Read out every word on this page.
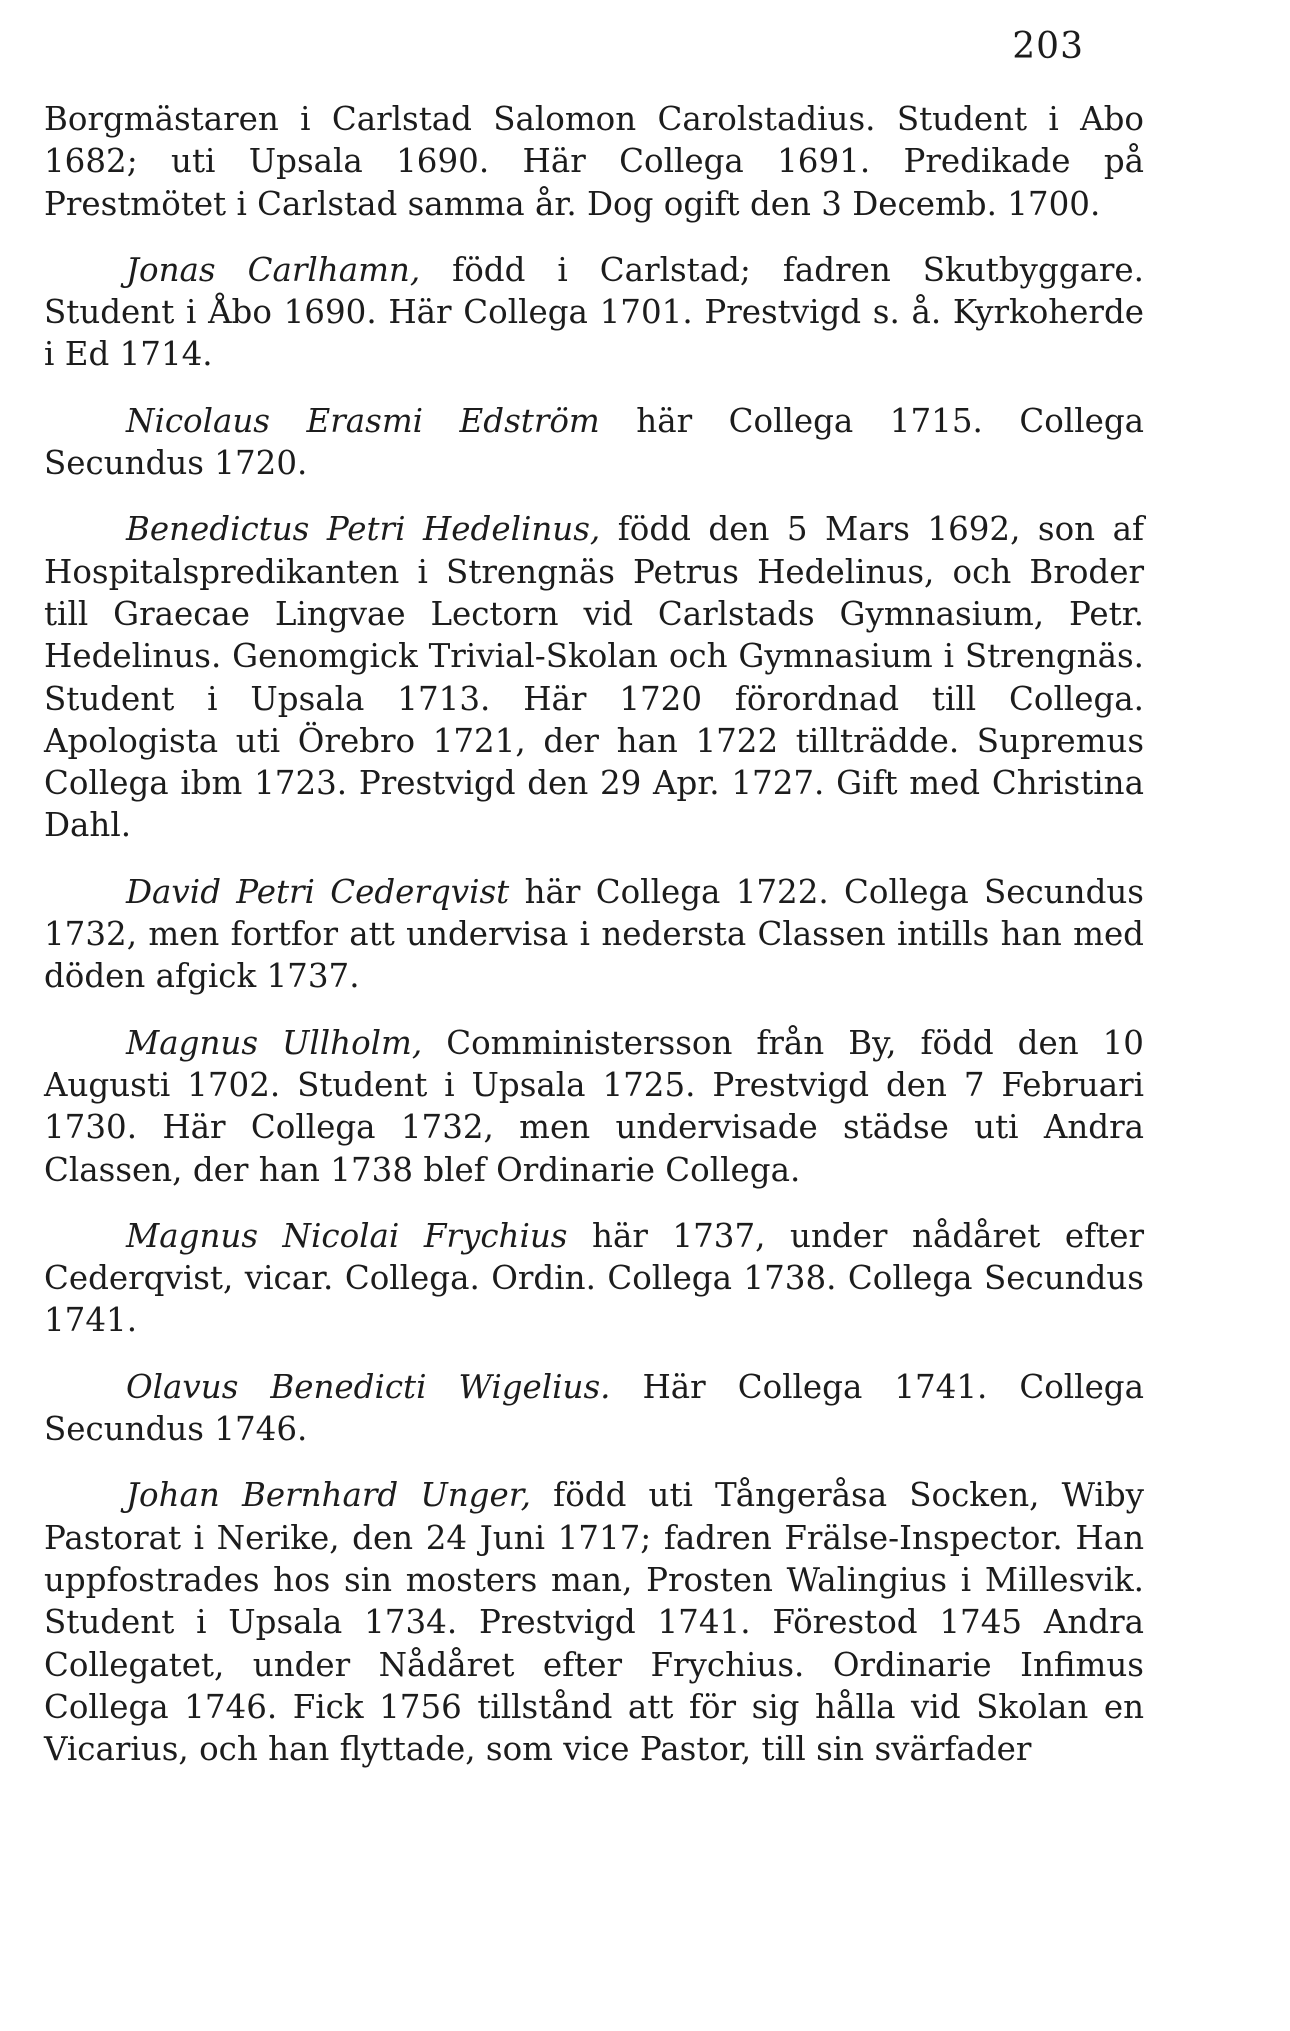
203

Borgmästaren i Carlstad Salomon Carolstadius. Student i Abo 1682; uti Upsala 1690. Här Collega 1691. Predikade på Prestmötet i Carlstad samma år. Dog ogift den 3 Decemb. 1700.

Jonas Carlhamn, född i Carlstad; fadren Skutbyggare. Student i Åbo 1690. Här Collega 1701. Prestvigd s. å. Kyrkoherde i Ed 1714.

Nicolaus Erasmi Edström här Collega 1715. Collega Secundus 1720.

Benedictus Petri Hedelinus, född den 5 Mars 1692, son af Hospitalspredikanten i Strengnäs Petrus Hedelinus, och Broder till Graecae Lingvae Lectorn vid Carlstads Gymnasium, Petr. Hedelinus. Genomgick Trivial-Skolan och Gymnasium i Strengnäs. Student i Upsala 1713. Här 1720 förordnad till Collega. Apologista uti Örebro 1721, der han 1722 tillträdde. Supremus Collega ibm 1723. Prestvigd den 29 Apr. 1727. Gift med Christina Dahl.

David Petri Cederqvist här Collega 1722. Collega Secundus 1732, men fortfor att undervisa i nedersta Classen intills han med döden afgick 1737.

Magnus Ullholm, Comministersson från By, född den 10 Augusti 1702. Student i Upsala 1725. Prestvigd den 7 Februari 1730. Här Collega 1732, men undervisade städse uti Andra Classen, der han 1738 blef Ordinarie Collega.

Magnus Nicolai Frychius här 1737, under nådåret efter Cederqvist, vicar. Collega. Ordin. Collega 1738. Collega Secundus 1741.

Olavus Benedicti Wigelius. Här Collega 1741. Collega Secundus 1746.

Johan Bernhard Unger, född uti Tångeråsa Socken, Wiby Pastorat i Nerike, den 24 Juni 1717; fadren Frälse-Inspector. Han uppfostrades hos sin mosters man, Prosten Walingius i Millesvik. Student i Upsala 1734. Prestvigd 1741. Förestod 1745 Andra Collegatet, under Nådåret efter Frychius. Ordinarie Infimus Collega 1746. Fick 1756 tillstånd att för sig hålla vid Skolan en Vicarius, och han flyttade, som vice Pastor, till sin svärfader
